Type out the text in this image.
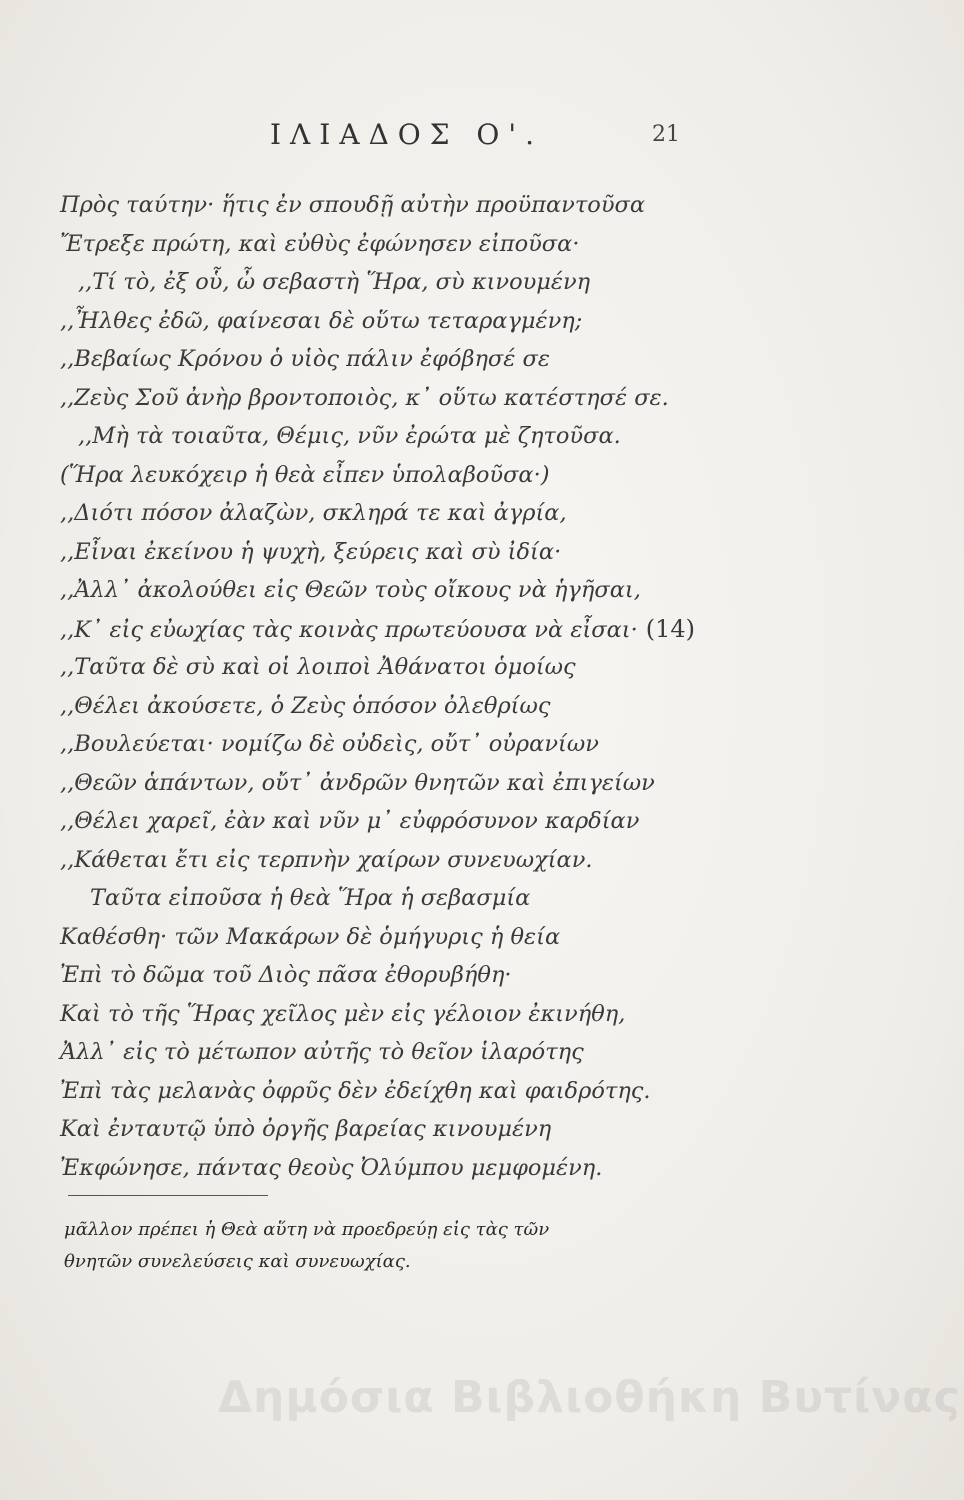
ΙΛΙΑΔΟΣ Ο'.	21
Πρὸς ταύτην· ἥτις ἐν σπουδῇ αὐτὴν προϋπαντοῦσα
Ἔτρεξε πρώτη, καὶ εὐθὺς ἐφώνησεν εἰποῦσα·
,,Τί τὸ, ἐξ οὗ, ὦ σεβαστὴ Ἥρα, σὺ κινουμένη
,,Ἦλθες ἐδῶ, φαίνεσαι δὲ οὕτω τεταραγμένη;
,,Βεβαίως Κρόνου ὁ υἱὸς πάλιν ἐφόβησέ σε
,,Ζεὺς Σοῦ ἀνὴρ βροντοποιὸς, κ᾽ οὕτω κατέστησέ σε.
,,Μὴ τὰ τοιαῦτα, Θέμις, νῦν ἐρώτα μὲ ζητοῦσα.
(Ἥρα λευκόχειρ ἡ θεὰ εἶπεν ὑπολαβοῦσα·)
,,Διότι πόσον ἀλαζὼν, σκληρά τε καὶ ἀγρία,
,,Εἶναι ἐκείνου ἡ ψυχὴ, ξεύρεις καὶ σὺ ἰδία·
,,Ἀλλ᾽ ἀκολούθει εἰς Θεῶν τοὺς οἴκους νὰ ἡγῆσαι,
,,Κ᾽ εἰς εὐωχίας τὰς κοινὰς πρωτεύουσα νὰ εἶσαι· (14)
,,Ταῦτα δὲ σὺ καὶ οἱ λοιποὶ Ἀθάνατοι ὁμοίως
,,Θέλει ἀκούσετε, ὁ Ζεὺς ὁπόσον ὀλεθρίως
,,Βουλεύεται· νομίζω δὲ οὐδεὶς, οὔτ᾽ οὐρανίων
,,Θεῶν ἁπάντων, οὔτ᾽ ἀνδρῶν θνητῶν καὶ ἐπιγείων
,,Θέλει χαρεῖ, ἐὰν καὶ νῦν μ᾽ εὐφρόσυνον καρδίαν
,,Κάθεται ἔτι εἰς τερπνὴν χαίρων συνευωχίαν.
Ταῦτα εἰποῦσα ἡ θεὰ Ἥρα ἡ σεβασμία
Καθέσθη· τῶν Μακάρων δὲ ὁμήγυρις ἡ θεία
Ἐπὶ τὸ δῶμα τοῦ Διὸς πᾶσα ἐθορυβήθη·
Καὶ τὸ τῆς Ἥρας χεῖλος μὲν εἰς γέλοιον ἐκινήθη,
Ἀλλ᾽ εἰς τὸ μέτωπον αὐτῆς τὸ θεῖον ἱλαρότης
Ἐπὶ τὰς μελανὰς ὀφρῦς δὲν ἐδείχθη καὶ φαιδρότης.
Καὶ ἐνταυτῷ ὑπὸ ὀργῆς βαρείας κινουμένη
Ἐκφώνησε, πάντας θεοὺς Ὀλύμπου μεμφομένη.
μᾶλλον πρέπει ἡ Θεὰ αὕτη νὰ προεδρεύῃ εἰς τὰς τῶν
θνητῶν συνελεύσεις καὶ συνευωχίας.
Δημόσια Βιβλιοθήκη Βυτίνας
